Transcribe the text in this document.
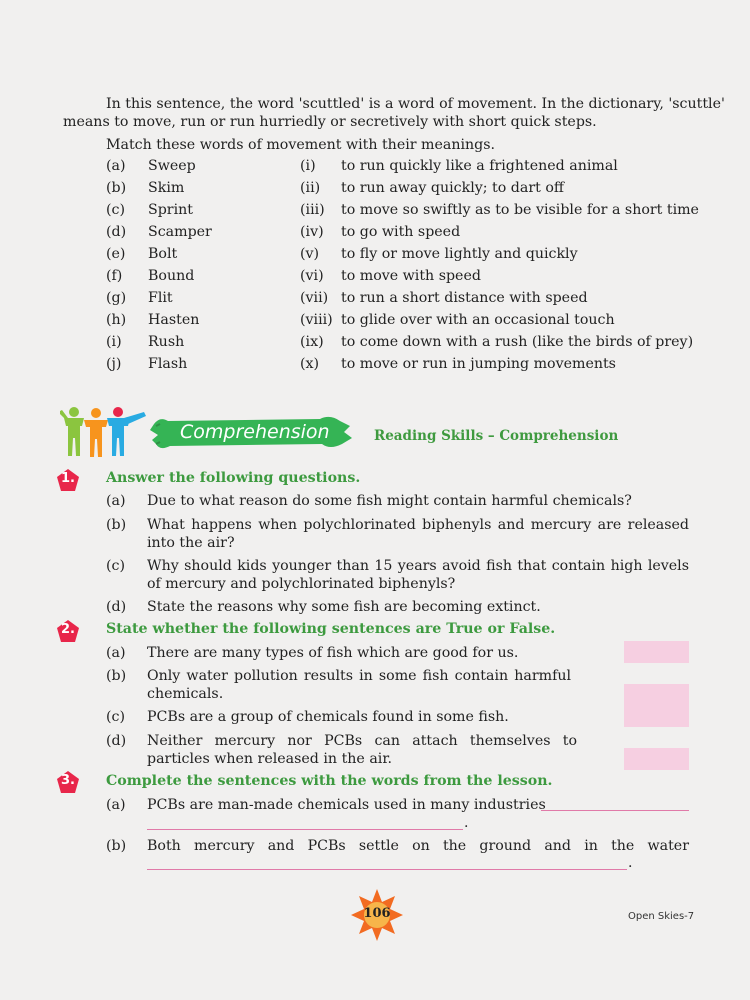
In this sentence, the word 'scuttled' is a word of movement. In the dictionary, 'scuttle'
means to move, run or run hurriedly or secretively with short quick steps.
Match these words of movement with their meanings.
(a) Sweep	(i) to run quickly like a frightened animal
(b) Skim	(ii) to run away quickly; to dart off
(c) Sprint	(iii) to move so swiftly as to be visible for a short time
(d) Scamper	(iv) to go with speed
(e) Bolt	(v) to fly or move lightly and quickly
(f) Bound	(vi) to move with speed
(g) Flit	(vii) to run a short distance with speed
(h) Hasten	(viii) to glide over with an occasional touch
(i) Rush	(ix) to come down with a rush (like the birds of prey)
(j) Flash	(x) to move or run in jumping movements
Comprehension	Reading Skills – Comprehension
1.	Answer the following questions.
(a) Due to what reason do some fish might contain harmful chemicals?
(b) What happens when polychlorinated biphenyls and mercury are released into the air?
(c) Why should kids younger than 15 years avoid fish that contain high levels of mercury and polychlorinated biphenyls?
(d) State the reasons why some fish are becoming extinct.
2.	State whether the following sentences are True or False.
(a) There are many types of fish which are good for us.
(b) Only water pollution results in some fish contain harmful chemicals.
(c) PCBs are a group of chemicals found in some fish.
(d) Neither mercury nor PCBs can attach themselves to particles when released in the air.
3.	Complete the sentences with the words from the lesson.
(a) PCBs are man-made chemicals used in many industries
.
(b) Both mercury and PCBs settle on the ground and in the water
.
106	Open Skies-7
